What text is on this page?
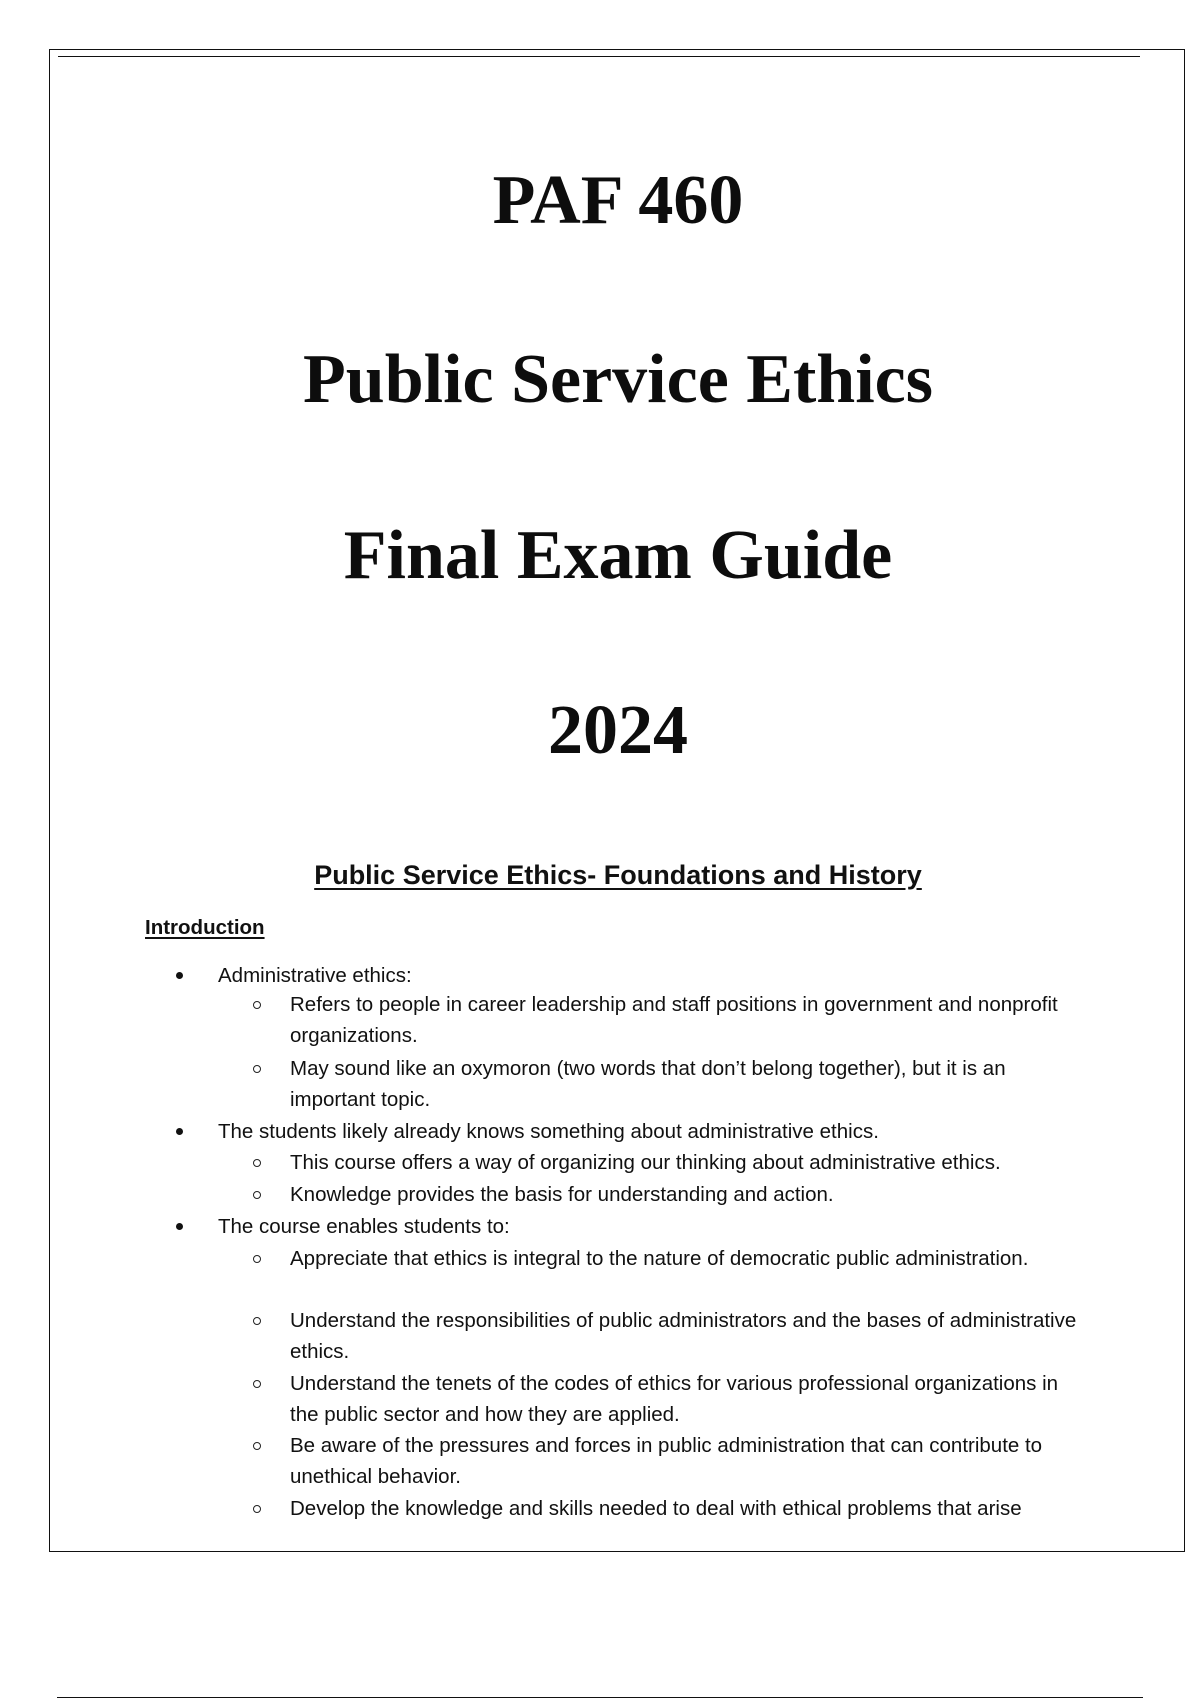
PAF 460
Public Service Ethics
Final Exam Guide
2024
Public Service Ethics- Foundations and History
Introduction

Administrative ethics:

Refers to people in career leadership and staff positions in government and nonprofit organizations.

May sound like an oxymoron (two words that don’t belong together), but it is an important topic.

The students likely already knows something about administrative ethics.

This course offers a way of organizing our thinking about administrative ethics.

Knowledge provides the basis for understanding and action.

The course enables students to:

Appreciate that ethics is integral to the nature of democratic public administration.

Understand the responsibilities of public administrators and the bases of administrative ethics.

Understand the tenets of the codes of ethics for various professional organizations in the public sector and how they are applied.

Be aware of the pressures and forces in public administration that can contribute to unethical behavior.

Develop the knowledge and skills needed to deal with ethical problems that arise
